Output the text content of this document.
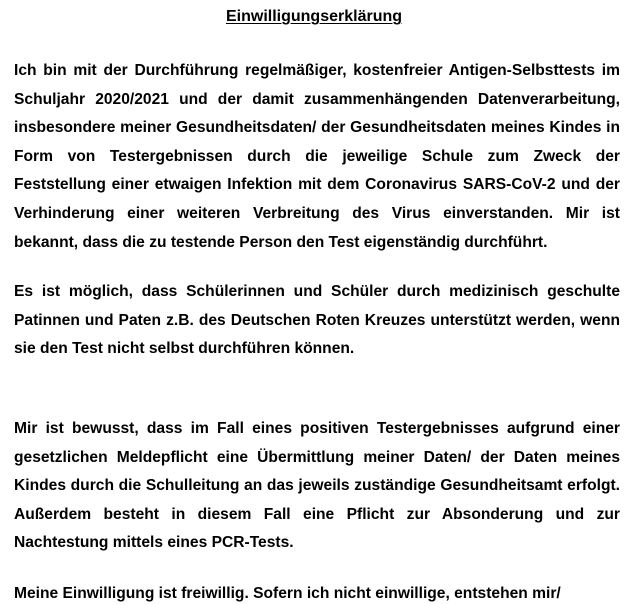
Einwilligungserklärung

Ich bin mit der Durchführung regelmäßiger, kostenfreier Antigen-Selbsttests im Schuljahr 2020/2021 und der damit zusammenhängenden Datenverarbeitung, insbesondere meiner Gesundheitsdaten/ der Gesundheitsdaten meines Kindes in Form von Testergebnissen durch die jeweilige Schule zum Zweck der Feststellung einer etwaigen Infektion mit dem Coronavirus SARS-CoV-2 und der Verhinderung einer weiteren Verbreitung des Virus einverstanden. Mir ist bekannt, dass die zu testende Person den Test eigenständig durchführt.

Es ist möglich, dass Schülerinnen und Schüler durch medizinisch geschulte Patinnen und Paten z.B. des Deutschen Roten Kreuzes unterstützt werden, wenn sie den Test nicht selbst durchführen können.

Mir ist bewusst, dass im Fall eines positiven Testergebnisses aufgrund einer gesetzlichen Meldepflicht eine Übermittlung meiner Daten/ der Daten meines Kindes durch die Schulleitung an das jeweils zuständige Gesundheitsamt erfolgt. Außerdem besteht in diesem Fall eine Pflicht zur Absonderung und zur Nachtestung mittels eines PCR-Tests.

Meine Einwilligung ist freiwillig. Sofern ich nicht einwillige, entstehen mir/
